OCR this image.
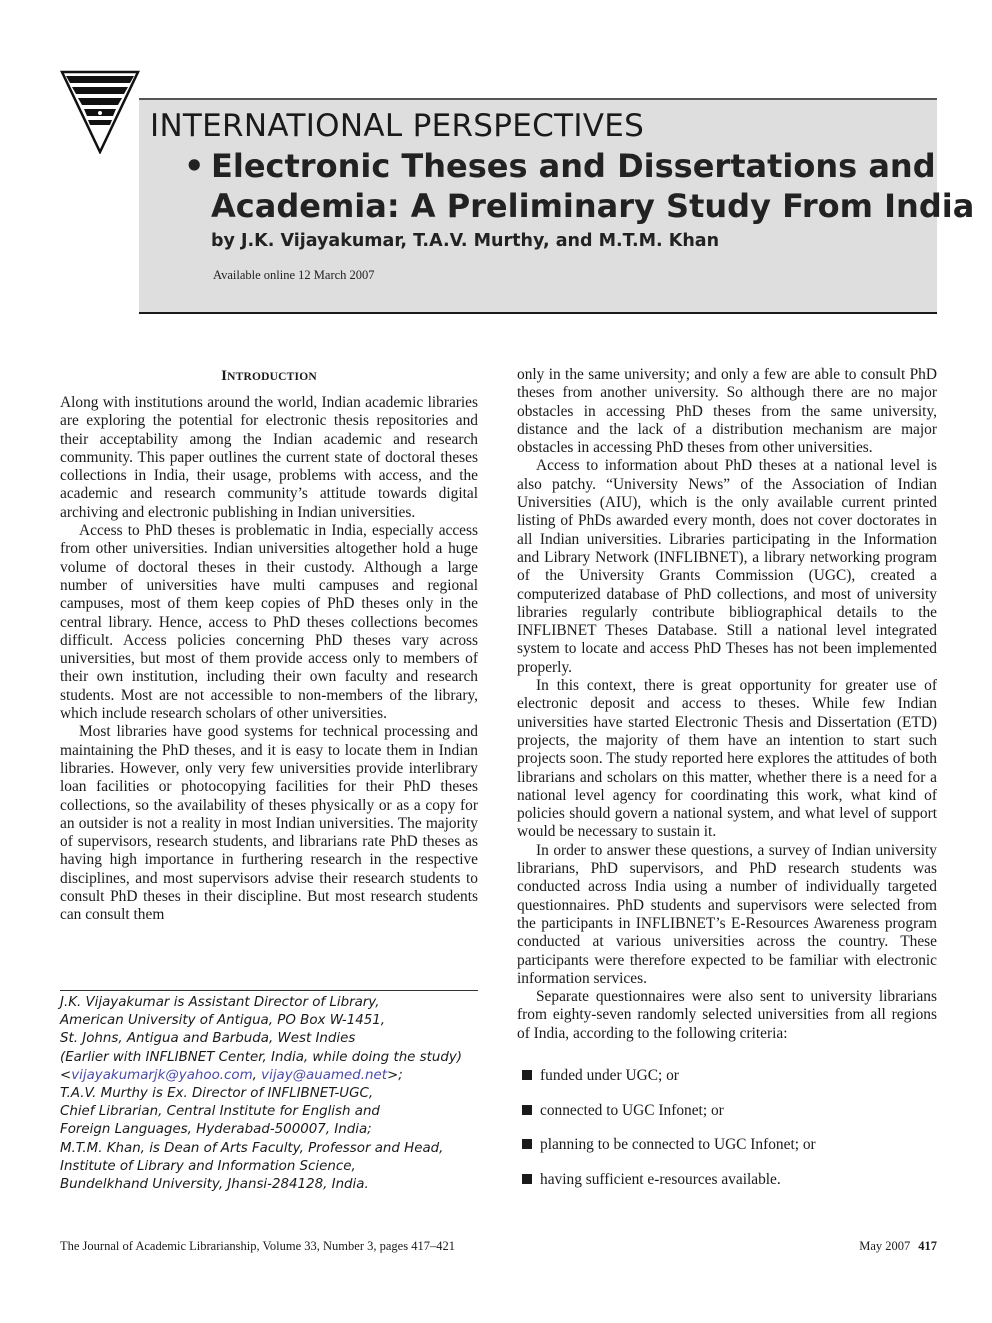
INTERNATIONAL PERSPECTIVES
• Electronic Theses and Dissertations and
Academia: A Preliminary Study From India
by J.K. Vijayakumar, T.A.V. Murthy, and M.T.M. Khan
Available online 12 March 2007
INTRODUCTION

Along with institutions around the world, Indian academic libraries are exploring the potential for electronic thesis repositories and their acceptability among the Indian academic and research community. This paper outlines the current state of doctoral theses collections in India, their usage, problems with access, and the academic and research community’s attitude towards digital archiving and electronic publishing in Indian universities.

Access to PhD theses is problematic in India, especially access from other universities. Indian universities altogether hold a huge volume of doctoral theses in their custody. Although a large number of universities have multi campuses and regional campuses, most of them keep copies of PhD theses only in the central library. Hence, access to PhD theses collections becomes difficult. Access policies concerning PhD theses vary across universities, but most of them provide access only to members of their own institution, including their own faculty and research students. Most are not accessible to non-members of the library, which include research scholars of other universities.

Most libraries have good systems for technical processing and maintaining the PhD theses, and it is easy to locate them in Indian libraries. However, only very few universities provide interlibrary loan facilities or photocopying facilities for their PhD theses collections, so the availability of theses physically or as a copy for an outsider is not a reality in most Indian universities. The majority of supervisors, research students, and librarians rate PhD theses as having high importance in furthering research in the respective disciplines, and most supervisors advise their research students to consult PhD theses in their discipline. But most research students can consult them

only in the same university; and only a few are able to consult PhD theses from another university. So although there are no major obstacles in accessing PhD theses from the same university, distance and the lack of a distribution mechanism are major obstacles in accessing PhD theses from other universities.

Access to information about PhD theses at a national level is also patchy. “University News” of the Association of Indian Universities (AIU), which is the only available current printed listing of PhDs awarded every month, does not cover doctorates in all Indian universities. Libraries participating in the Information and Library Network (INFLIBNET), a library networking program of the University Grants Commission (UGC), created a computerized database of PhD collections, and most of university libraries regularly contribute bibliographical details to the INFLIBNET Theses Database. Still a national level integrated system to locate and access PhD Theses has not been implemented properly.

In this context, there is great opportunity for greater use of electronic deposit and access to theses. While few Indian universities have started Electronic Thesis and Dissertation (ETD) projects, the majority of them have an intention to start such projects soon. The study reported here explores the attitudes of both librarians and scholars on this matter, whether there is a need for a national level agency for coordinating this work, what kind of policies should govern a national system, and what level of support would be necessary to sustain it.

In order to answer these questions, a survey of Indian university librarians, PhD supervisors, and PhD research students was conducted across India using a number of individually targeted questionnaires. PhD students and supervisors were selected from the participants in INFLIBNET’s E-Resources Awareness program conducted at various universities across the country. These participants were therefore expected to be familiar with electronic information services.

Separate questionnaires were also sent to university librarians from eighty-seven randomly selected universities from all regions of India, according to the following criteria:

funded under UGC; or
connected to UGC Infonet; or
planning to be connected to UGC Infonet; or
having sufficient e-resources available.
J.K. Vijayakumar is Assistant Director of Library,
American University of Antigua, PO Box W-1451,
St. Johns, Antigua and Barbuda, West Indies
(Earlier with INFLIBNET Center, India, while doing the study)
<vijayakumarjk@yahoo.com, vijay@auamed.net>;
T.A.V. Murthy is Ex. Director of INFLIBNET-UGC,
Chief Librarian, Central Institute for English and
Foreign Languages, Hyderabad-500007, India;
M.T.M. Khan, is Dean of Arts Faculty, Professor and Head,
Institute of Library and Information Science,
Bundelkhand University, Jhansi-284128, India.
The Journal of Academic Librarianship, Volume 33, Number 3, pages 417–421	May 2007 417
